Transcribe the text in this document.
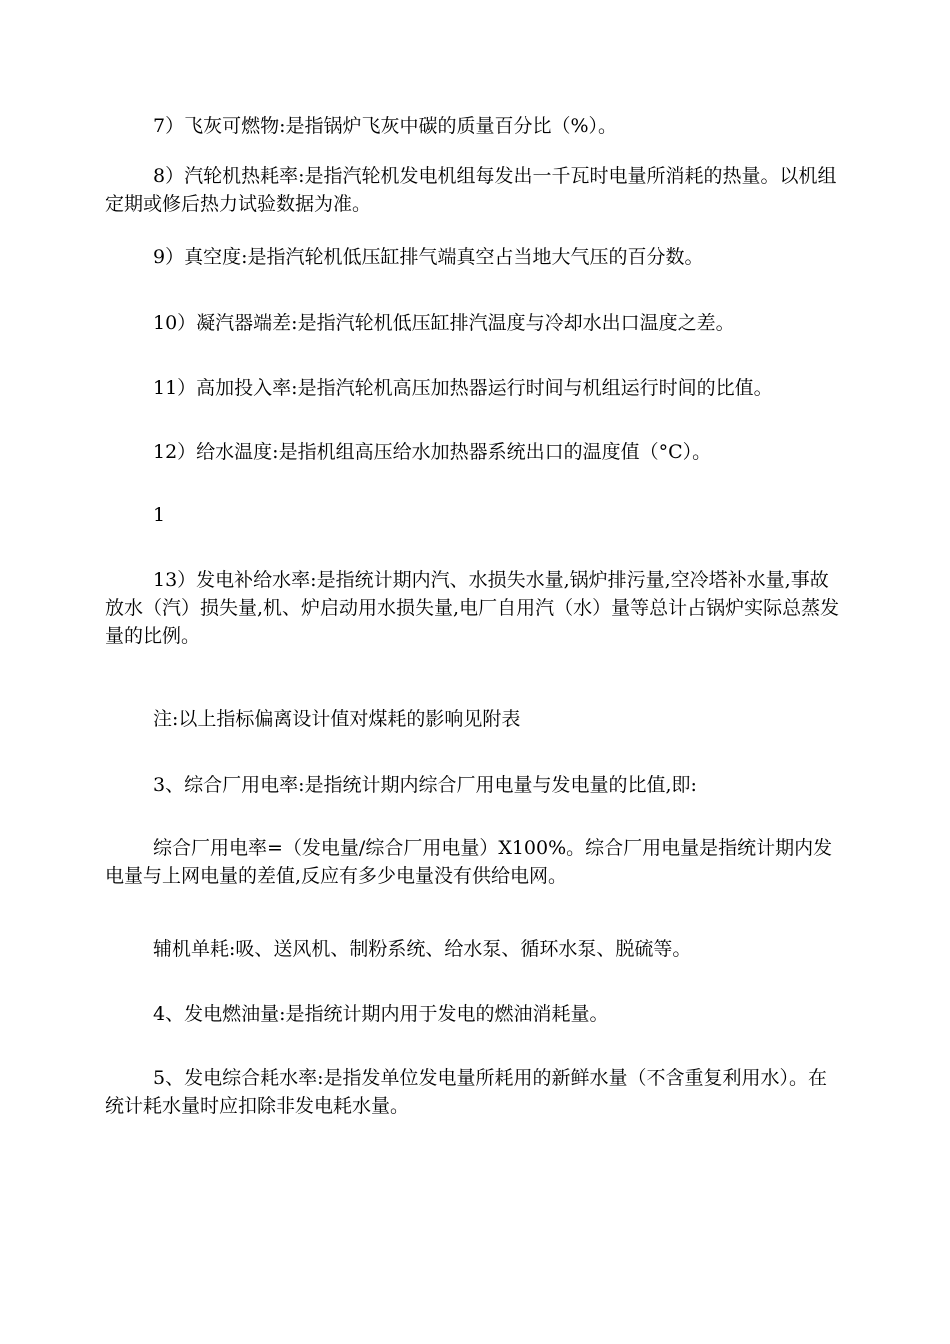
7）飞灰可燃物:是指锅炉飞灰中碳的质量百分比（%）。

8）汽轮机热耗率:是指汽轮机发电机组每发出一千瓦时电量所消耗的热量。以机组定期或修后热力试验数据为准。

9）真空度:是指汽轮机低压缸排气端真空占当地大气压的百分数。

10）凝汽器端差:是指汽轮机低压缸排汽温度与冷却水出口温度之差。

11）高加投入率:是指汽轮机高压加热器运行时间与机组运行时间的比值。

12）给水温度:是指机组高压给水加热器系统出口的温度值（°C）。

1

13）发电补给水率:是指统计期内汽、水损失水量,锅炉排污量,空冷塔补水量,事故放水（汽）损失量,机、炉启动用水损失量,电厂自用汽（水）量等总计占锅炉实际总蒸发量的比例。

注:以上指标偏离设计值对煤耗的影响见附表

3、综合厂用电率:是指统计期内综合厂用电量与发电量的比值,即:

综合厂用电率=（发电量/综合厂用电量）X100%。综合厂用电量是指统计期内发电量与上网电量的差值,反应有多少电量没有供给电网。

辅机单耗:吸、送风机、制粉系统、给水泵、循环水泵、脱硫等。

4、发电燃油量:是指统计期内用于发电的燃油消耗量。

5、发电综合耗水率:是指发单位发电量所耗用的新鲜水量（不含重复利用水）。在统计耗水量时应扣除非发电耗水量。
